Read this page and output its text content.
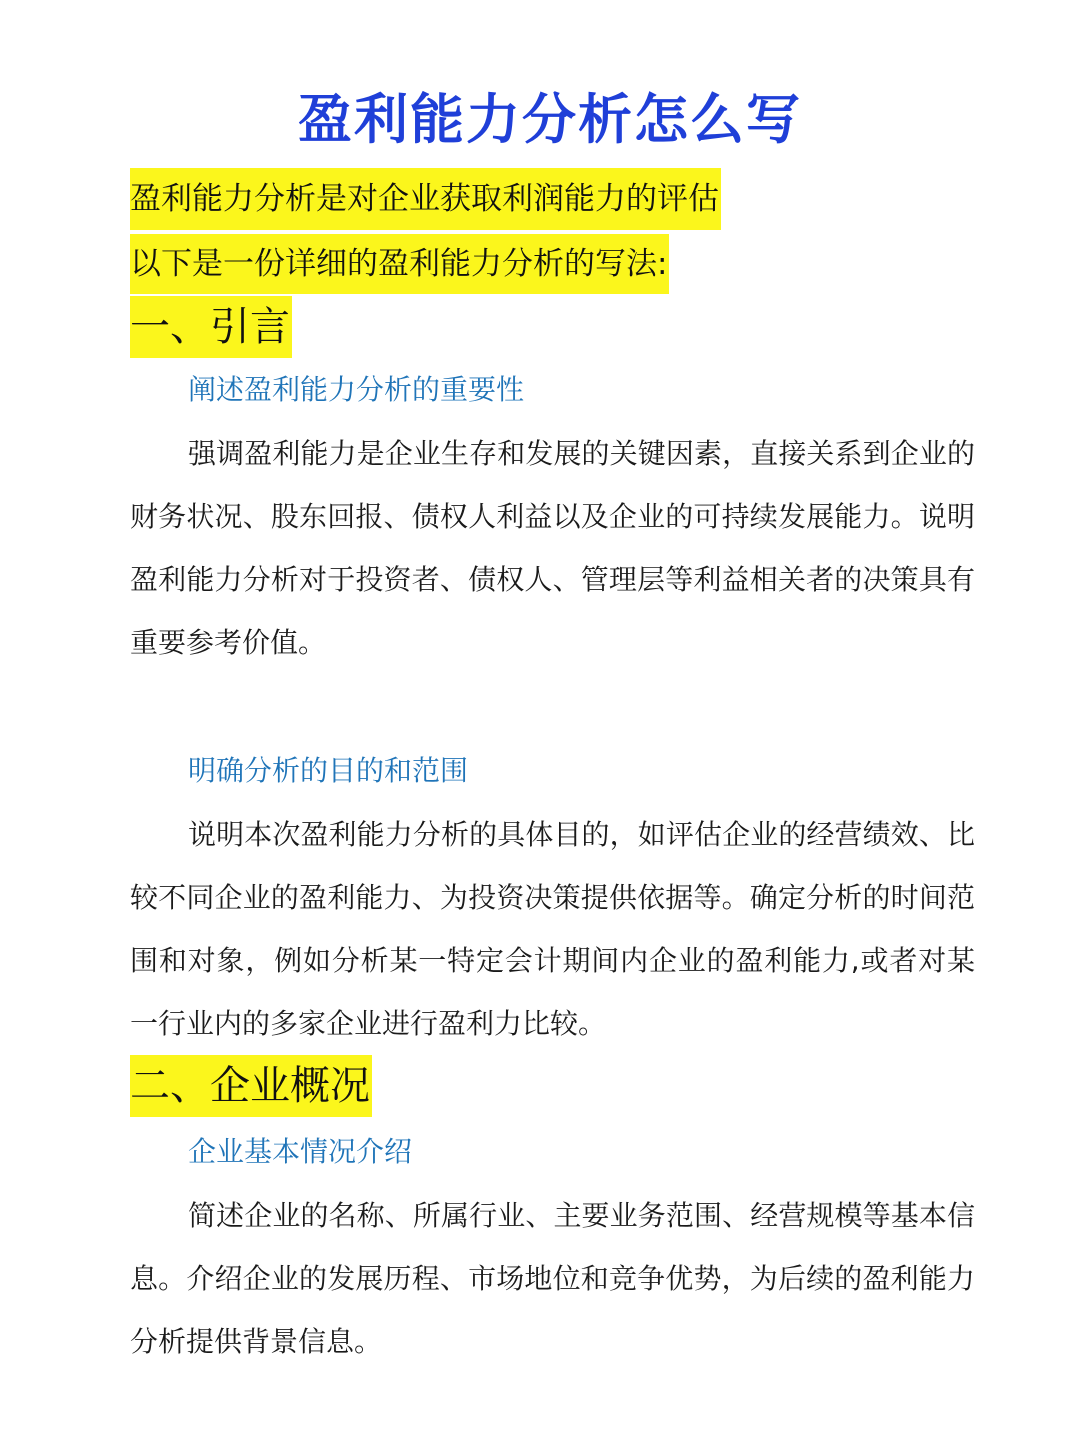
盈利能力分析怎么写
盈利能力分析是对企业获取利润能力的评估
以下是一份详细的盈利能力分析的写法:
一、引言
阐述盈利能力分析的重要性
强调盈利能力是企业生存和发展的关键因素，直接关系到企业的财务状况、股东回报、债权人利益以及企业的可持续发展能力。说明盈利能力分析对于投资者、债权人、管理层等利益相关者的决策具有重要参考价值。
明确分析的目的和范围
说明本次盈利能力分析的具体目的，如评估企业的经营绩效、比较不同企业的盈利能力、为投资决策提供依据等。确定分析的时间范围和对象，例如分析某一特定会计期间内企业的盈利能力,或者对某一行业内的多家企业进行盈利力比较。
二、企业概况
企业基本情况介绍
简述企业的名称、所属行业、主要业务范围、经营规模等基本信息。介绍企业的发展历程、市场地位和竞争优势，为后续的盈利能力分析提供背景信息。
